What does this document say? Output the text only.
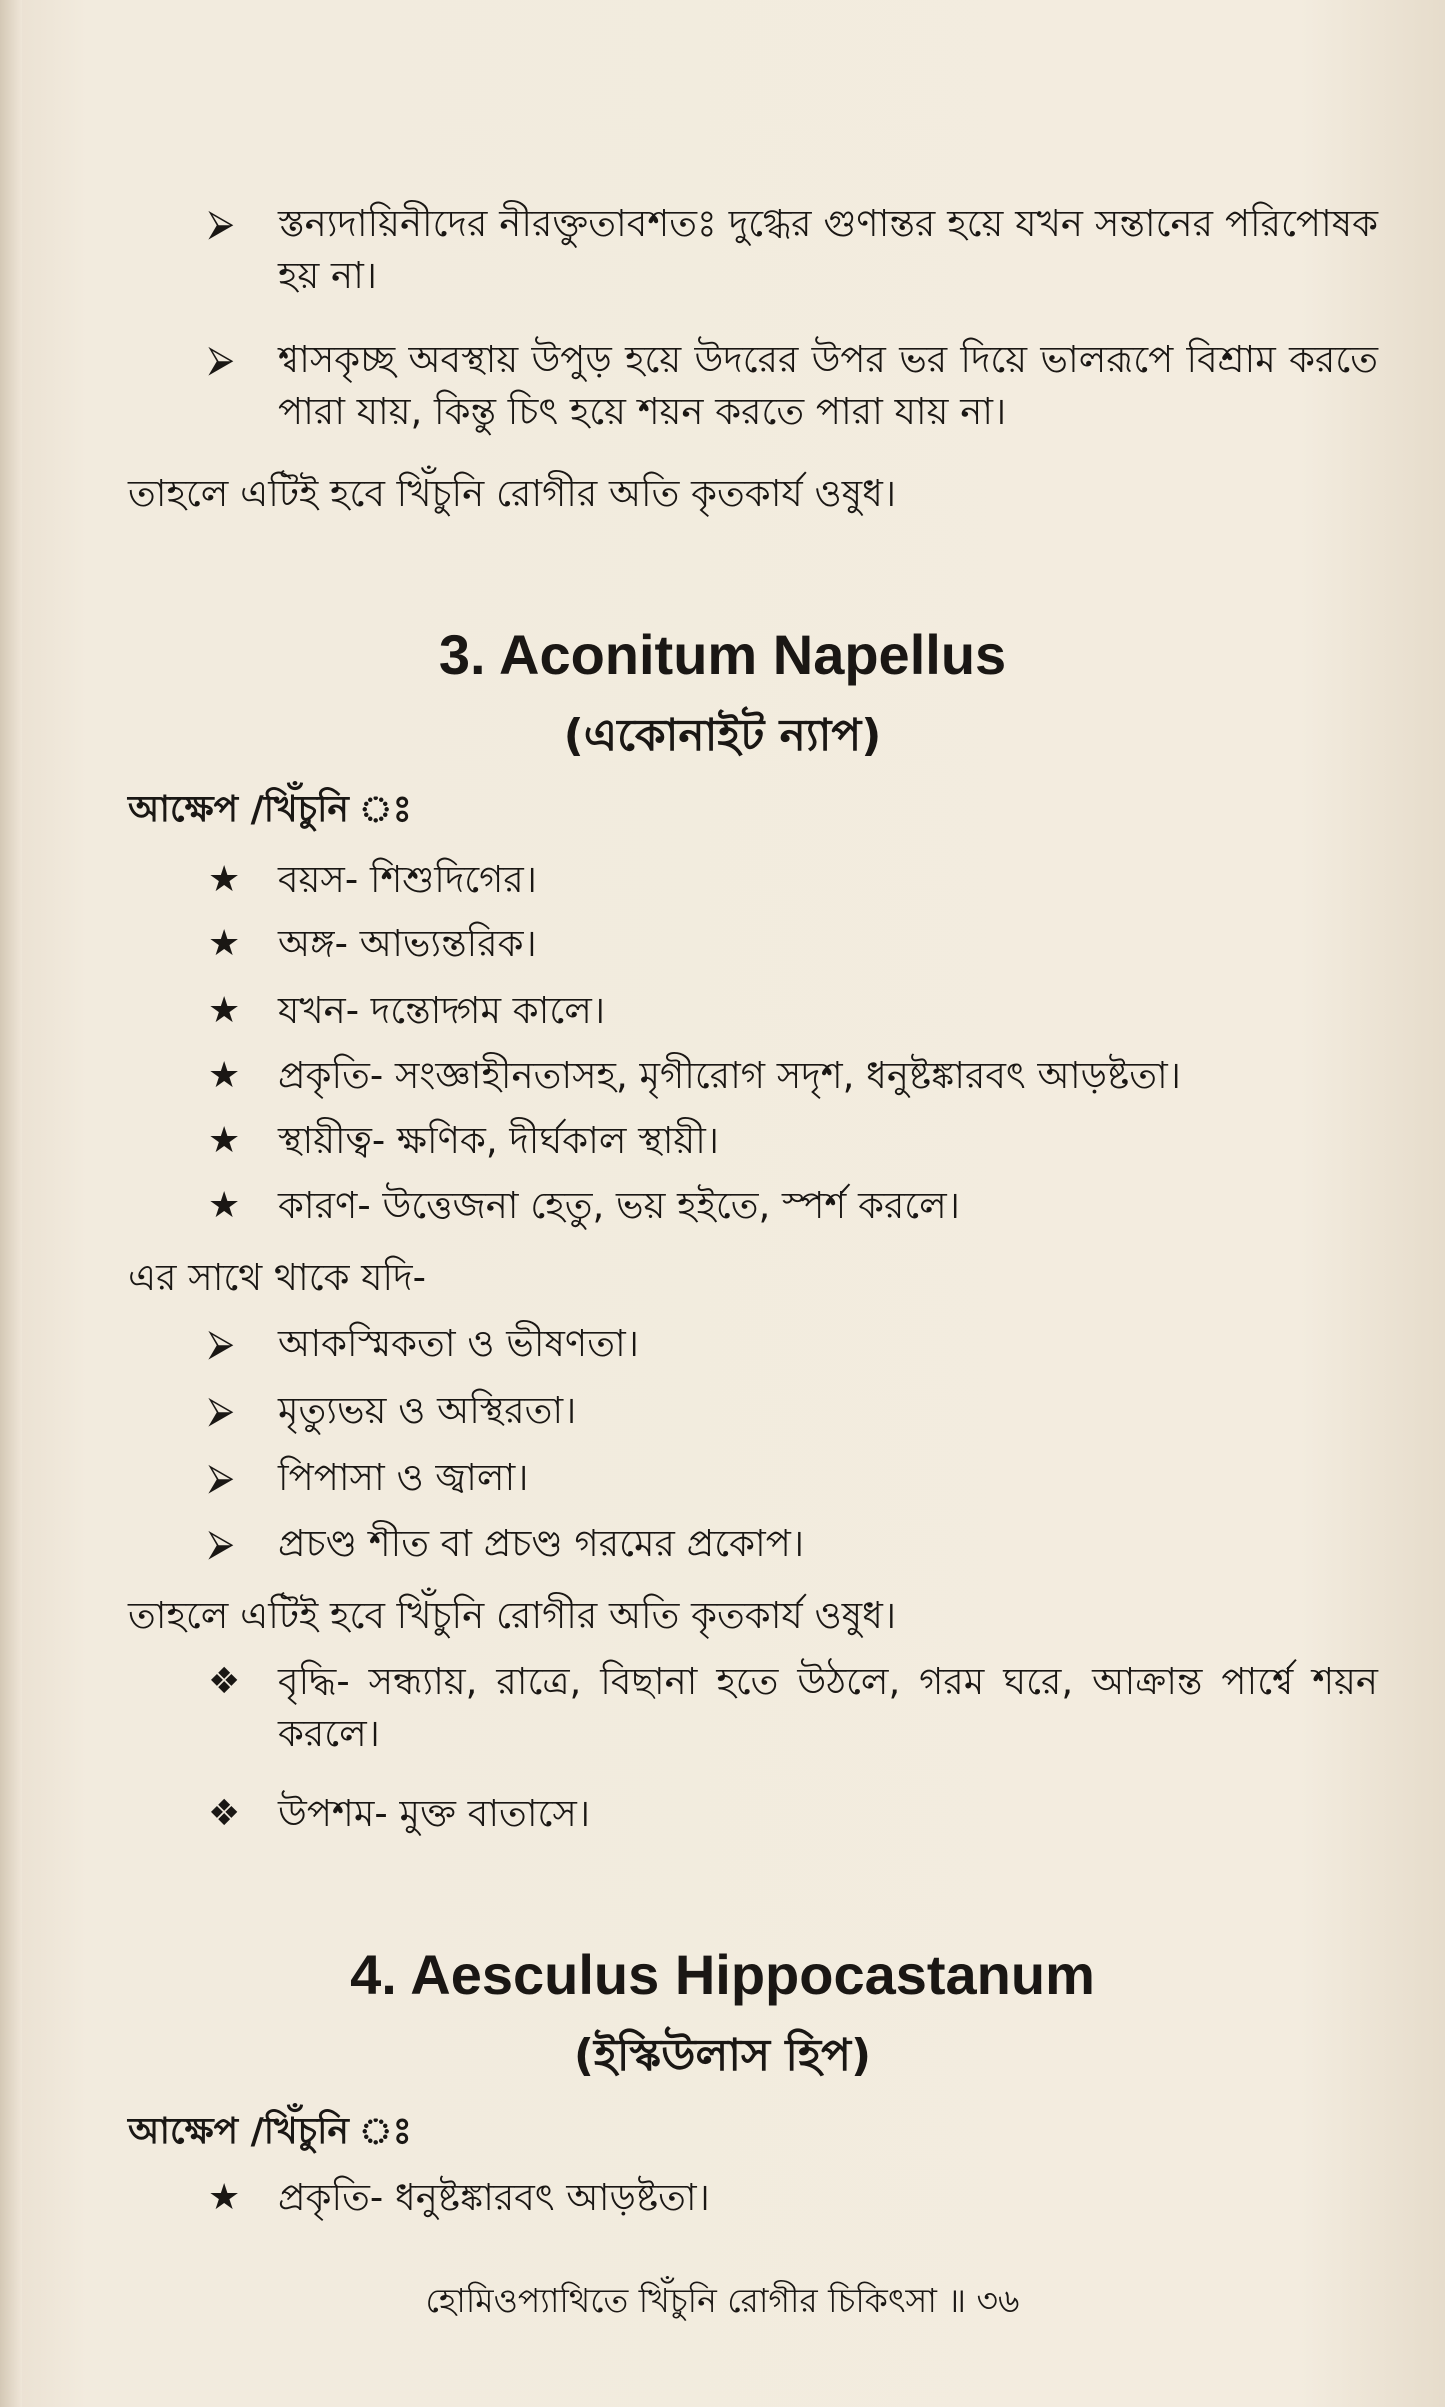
⮚	স্তন্যদায়িনীদের নীরক্তুতাবশতঃ দুগ্ধের গুণান্তর হয়ে যখন সন্তানের পরিপোষক হয় না।
⮚	শ্বাসকৃচ্ছ অবস্থায় উপুড় হয়ে উদরের উপর ভর দিয়ে ভালরূপে বিশ্রাম করতে পারা যায়, কিন্তু চিৎ হয়ে শয়ন করতে পারা যায় না।
তাহলে এটিই হবে খিঁচুনি রোগীর অতি কৃতকার্য ওষুধ।
3. Aconitum Napellus
(একোনাইট ন্যাপ)
আক্ষেপ /খিঁচুনি ঃ
★	বয়স- শিশুদিগের।
★	অঙ্গ- আভ্যন্তরিক।
★	যখন- দন্তোদ্গম কালে।
★	প্রকৃতি- সংজ্ঞাহীনতাসহ, মৃগীরোগ সদৃশ, ধনুষ্টঙ্কারবৎ আড়ষ্টতা।
★	স্থায়ীত্ব- ক্ষণিক, দীর্ঘকাল স্থায়ী।
★	কারণ- উত্তেজনা হেতু, ভয় হইতে, স্পর্শ করলে।
এর সাথে থাকে যদি-
⮚	আকস্মিকতা ও ভীষণতা।
⮚	মৃত্যুভয় ও অস্থিরতা।
⮚	পিপাসা ও জ্বালা।
⮚	প্রচণ্ড শীত বা প্রচণ্ড গরমের প্রকোপ।
তাহলে এটিই হবে খিঁচুনি রোগীর অতি কৃতকার্য ওষুধ।
❖	বৃদ্ধি- সন্ধ্যায়, রাত্রে, বিছানা হতে উঠলে, গরম ঘরে, আক্রান্ত পার্শ্বে শয়ন করলে।
❖	উপশম- মুক্ত বাতাসে।
4. Aesculus Hippocastanum
(ইস্কিউলাস হিপ)
আক্ষেপ /খিঁচুনি ঃ
★	প্রকৃতি- ধনুষ্টঙ্কারবৎ আড়ষ্টতা।
হোমিওপ্যাথিতে খিঁচুনি রোগীর চিকিৎসা ॥ ৩৬
